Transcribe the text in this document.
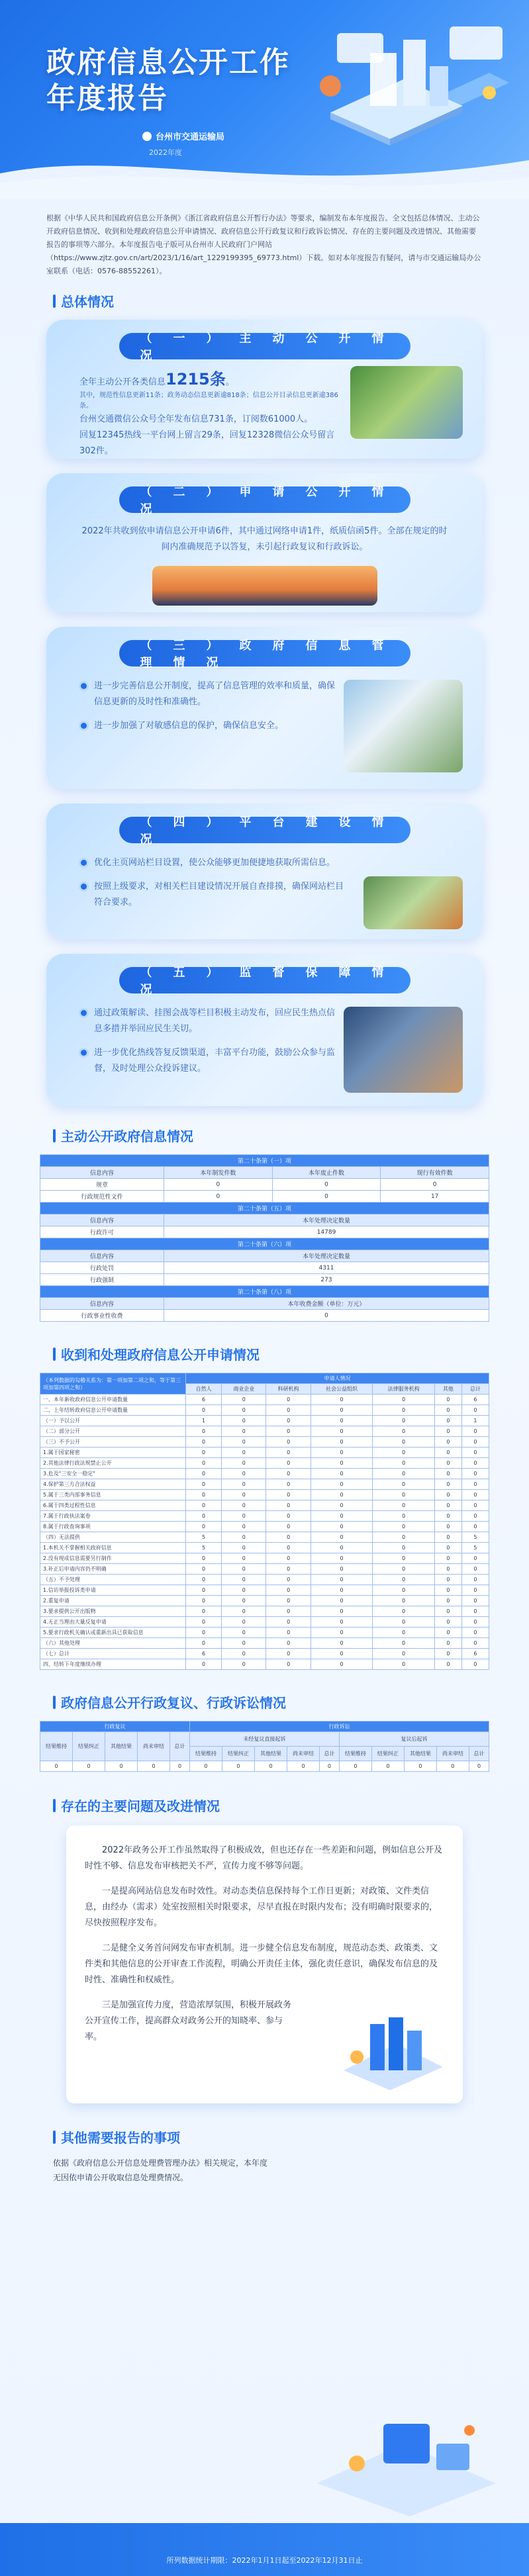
政府信息公开工作
年度报告
台州市交通运输局
2022年度
根据《中华人民共和国政府信息公开条例》《浙江省政府信息公开暂行办法》等要求，编制发布本年度报告。全文包括总体情况、主动公开政府信息情况、收到和处理政府信息公开申请情况、政府信息公开行政复议和行政诉讼情况、存在的主要问题及改进情况、其他需要报告的事项等六部分。本年度报告电子版可从台州市人民政府门户网站（https://www.zjtz.gov.cn/art/2023/1/16/art_1229199395_69773.html）下载。如对本年度报告有疑问，请与市交通运输局办公室联系（电话：0576-88552261）。
总体情况
（一）主动公开情况
全年主动公开各类信息1215条。
其中，规范性信息更新11条；政务动态信息更新逾818条；信息公开目录信息更新逾386条。
台州交通微信公众号全年发布信息731条，订阅数61000人。
回复12345热线一平台网上留言29条，回复12328微信公众号留言302件。
（二）申请公开情况
2022年共收到依申请信息公开申请6件，其中通过网络申请1件，纸质信函5件。全部在规定的时间内准确规范予以答复，未引起行政复议和行政诉讼。
（三）政府信息管理情况
进一步完善信息公开制度，提高了信息管理的效率和质量，确保信息更新的及时性和准确性。
进一步加强了对敏感信息的保护，确保信息安全。
（四）平台建设情况
优化主页网站栏目设置，使公众能够更加便捷地获取所需信息。
按照上级要求，对相关栏目建设情况开展自查排摸，确保网站栏目符合要求。
（五）监督保障情况
通过政策解读、挂图会战等栏目积极主动发布，回应民生热点信息多措并举回应民生关切。
进一步优化热线答复反馈渠道，丰富平台功能，鼓励公众参与监督，及时处理公众投诉建议。
主动公开政府信息情况
第二十条第（一）项			
信息内容	本年制发件数	本年废止件数	现行有效件数
规章	0	0	0
行政规范性文件	0	0	17
第二十条第（五）项			
信息内容	本年处理决定数量		
行政许可	14789		
第二十条第（六）项			
信息内容	本年处理决定数量		
行政处罚	4311		
行政强制	273		
第二十条第（八）项			
信息内容	本年收费金额（单位：万元）		
行政事业性收费	0		
收到和处理政府信息公开申请情况
（本列数据的勾稽关系为：第一项加第二项之和，等于第三项加第四项之和）	申请人情况						
	自然人	商业企业	科研机构	社会公益组织	法律服务机构	其他	总计
一、本年新收政府信息公开申请数量	6	0	0	0	0	0	6
二、上年结转政府信息公开申请数量	0	0	0	0	0	0	0
（一）予以公开	1	0	0	0	0	0	1
（二）部分公开	0	0	0	0	0	0	0
（三）不予公开	0	0	0	0	0	0	0
1.属于国家秘密	0	0	0	0	0	0	0
2.其他法律行政法规禁止公开	0	0	0	0	0	0	0
3.危及"三安全一稳定"	0	0	0	0	0	0	0
4.保护第三方合法权益	0	0	0	0	0	0	0
5.属于三类内部事务信息	0	0	0	0	0	0	0
6.属于四类过程性信息	0	0	0	0	0	0	0
7.属于行政执法案卷	0	0	0	0	0	0	0
8.属于行政查询事项	0	0	0	0	0	0	0
（四）无法提供	5	0	0	0	0	0	5
1.本机关不掌握相关政府信息	5	0	0	0	0	0	5
2.没有现成信息需要另行制作	0	0	0	0	0	0	0
3.补正后申请内容仍不明确	0	0	0	0	0	0	0
（五）不予处理	0	0	0	0	0	0	0
1.信访举报投诉类申请	0	0	0	0	0	0	0
2.重复申请	0	0	0	0	0	0	0
3.要求提供公开出版物	0	0	0	0	0	0	0
4.无正当理由大量反复申请	0	0	0	0	0	0	0
5.要求行政机关确认或重新出具已获取信息	0	0	0	0	0	0	0
（六）其他处理	0	0	0	0	0	0	0
（七）总计	6	0	0	0	0	0	6
四、结转下年度继续办理	0	0	0	0	0	0	0
政府信息公开行政复议、行政诉讼情况
行政复议					行政诉讼									
结果维持	结果纠正	其他结果	尚未审结	总计	未经复议直接起诉					复议后起诉				
					结果维持	结果纠正	其他结果	尚未审结	总计	结果维持	结果纠正	其他结果	尚未审结	总计
0	0	0	0	0	0	0	0	0	0	0	0	0	0	0
存在的主要问题及改进情况

2022年政务公开工作虽然取得了积极成效，但也还存在一些差距和问题，例如信息公开及时性不够、信息发布审核把关不严，宣传力度不够等问题。

一是提高网站信息发布时效性。对动态类信息保持每个工作日更新；对政策、文件类信息，由经办（需求）处室按照相关时限要求，尽早直报在时限内发布；没有明确时限要求的，尽快按照程序发布。

二是健全义务首问网发布审查机制。进一步健全信息发布制度，规范动态类、政策类、文件类和其他信息的公开审查工作流程，明确公开责任主体，强化责任意识，确保发布信息的及时性、准确性和权威性。

三是加强宣传力度，营造浓厚氛围，积极开展政务公开宣传工作，提高群众对政务公开的知晓率、参与率。

其他需要报告的事项
依据《政府信息公开信息处理费管理办法》相关规定，本年度无因依申请公开收取信息处理费情况。
所列数据统计期限：2022年1月1日起至2022年12月31日止
